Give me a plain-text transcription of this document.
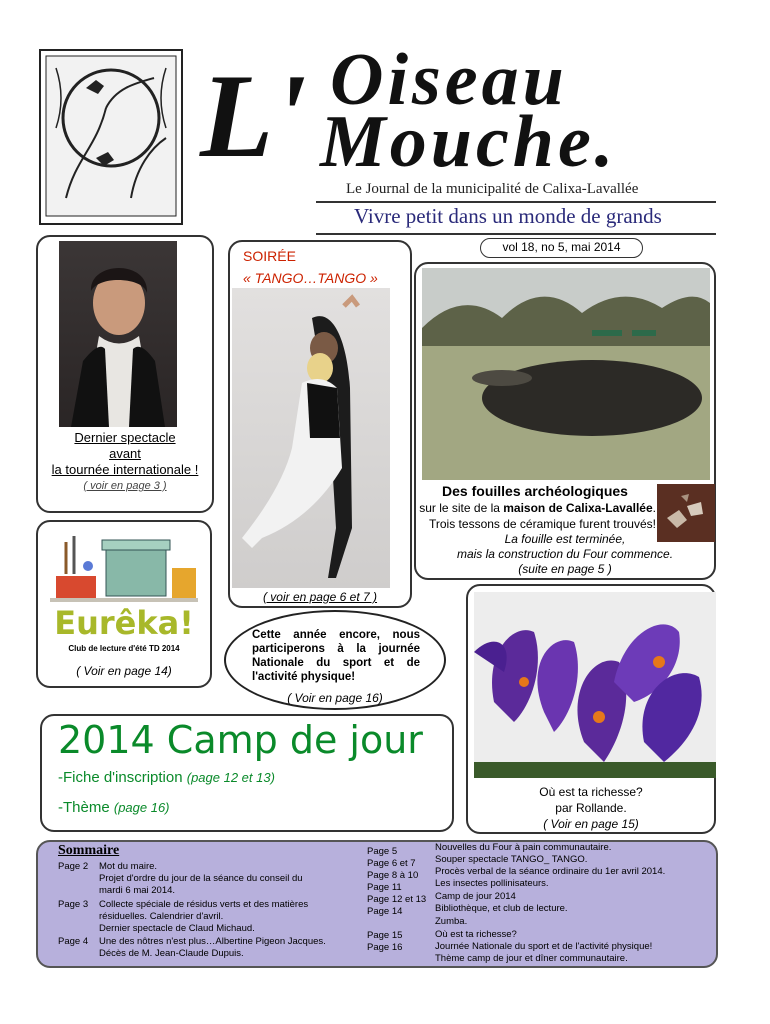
L' Oiseau
Mouche.
Le Journal de la municipalité de Calixa-Lavallée
Vivre petit dans un monde de grands
vol 18, no 5, mai 2014
Dernier spectacle
avant
la tournée internationale !
( voir en page 3 )
SOIRÉE
« TANGO…TANGO »
( voir en page 6 et 7 )
Des fouilles archéologiques
sur le site de la maison de Calixa-Lavallée.
Trois tessons de céramique furent trouvés!
La fouille est terminée,
mais la construction du Four commence.
(suite en page 5 )
Eurêka!
Club de lecture d'été TD 2014
( Voir en page 14)
Cette année encore, nous participerons à la journée Nationale du sport et de l'activité physique!
( Voir en page 16)
Où est ta richesse?
par Rollande.
( Voir en page 15)
2014 Camp de jour
-Fiche d'inscription (page 12 et 13)
-Thème (page 16)
Sommaire
Page 2 Mot du maire.
Projet d'ordre du jour de la séance du conseil du
mardi 6 mai 2014.
Page 3 Collecte spéciale de résidus verts et des matières
résiduelles. Calendrier d'avril.
Dernier spectacle de Claud Michaud.
Page 4 Une des nôtres n'est plus…Albertine Pigeon Jacques.
Décès de M. Jean-Claude Dupuis.
Page 5
Page 6 et 7
Page 8 à 10
Page 11
Page 12 et 13
Page 14
Page 15
Page 16
Nouvelles du Four à pain communautaire.
Souper spectacle TANGO_ TANGO.
Procès verbal de la séance ordinaire du 1er avril 2014.
Les insectes pollinisateurs.
Camp de jour 2014
Bibliothèque, et club de lecture.
Zumba.
Où est ta richesse?
Journée Nationale du sport et de l'activité physique!
Thème camp de jour et dîner communautaire.
